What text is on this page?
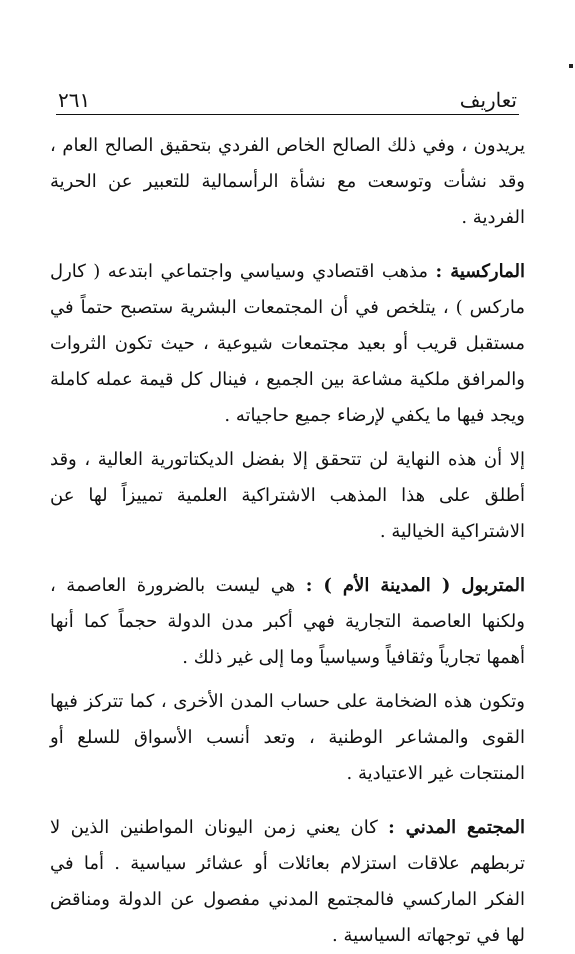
تعاريف
٢٦١

يريدون ، وفي ذلك الصالح الخاص الفردي بتحقيق الصالح العام ، وقد نشأت وتوسعت مع نشأة الرأسمالية للتعبير عن الحرية الفردية .

الماركسية : مذهب اقتصادي وسياسي واجتماعي ابتدعه ( كارل ماركس ) ، يتلخص في أن المجتمعات البشرية ستصبح حتماً في مستقبل قريب أو بعيد مجتمعات شيوعية ، حيث تكون الثروات والمرافق ملكية مشاعة بين الجميع ، فينال كل قيمة عمله كاملة ويجد فيها ما يكفي لإرضاء جميع حاجياته .

إلا أن هذه النهاية لن تتحقق إلا بفضل الديكتاتورية العالية ، وقد أطلق على هذا المذهب الاشتراكية العلمية تمييزاً لها عن الاشتراكية الخيالية .

المتربول ( المدينة الأم ) : هي ليست بالضرورة العاصمة ، ولكنها العاصمة التجارية فهي أكبر مدن الدولة حجماً كما أنها أهمها تجارياً وثقافياً وسياسياً وما إلى غير ذلك .

وتكون هذه الضخامة على حساب المدن الأخرى ، كما تتركز فيها القوى والمشاعر الوطنية ، وتعد أنسب الأسواق للسلع أو المنتجات غير الاعتيادية .

المجتمع المدني : كان يعني زمن اليونان المواطنين الذين لا تربطهم علاقات استزلام بعائلات أو عشائر سياسية . أما في الفكر الماركسي فالمجتمع المدني مفصول عن الدولة ومناقض لها في توجهاته السياسية .
